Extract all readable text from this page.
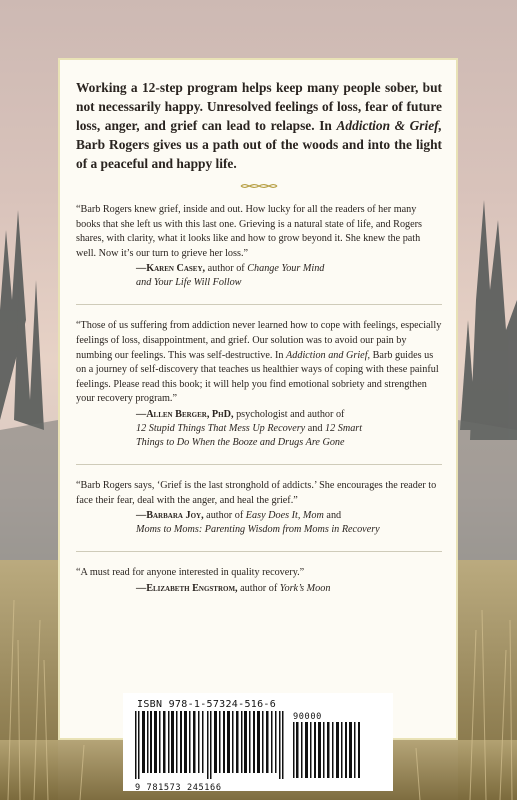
Working a 12-step program helps keep many people sober, but not necessarily happy. Unresolved feelings of loss, fear of future loss, anger, and grief can lead to relapse. In Addiction & Grief, Barb Rogers gives us a path out of the woods and into the light of a peaceful and happy life.

“Barb Rogers knew grief, inside and out. How lucky for all the readers of her many books that she left us with this last one. Grieving is a natural state of life, and Rogers shares, with clarity, what it looks like and how to grow beyond it. She knew the path well. Now it’s our turn to grieve her loss.”

—Karen Casey, author of Change Your Mind
and Your Life Will Follow

“Those of us suffering from addiction never learned how to cope with feelings, especially feelings of loss, disappointment, and grief. Our solution was to avoid our pain by numbing our feelings. This was self-destructive. In Addiction and Grief, Barb guides us on a journey of self-discovery that teaches us healthier ways of coping with these painful feelings. Please read this book; it will help you find emotional sobriety and strengthen your recovery program.”

—Allen Berger, PhD, psychologist and author of
12 Stupid Things That Mess Up Recovery and 12 Smart
Things to Do When the Booze and Drugs Are Gone

“Barb Rogers says, ‘Grief is the last stronghold of addicts.’ She encourages the reader to face their fear, deal with the anger, and heal the grief.”

—Barbara Joy, author of Easy Does It, Mom and
Moms to Moms: Parenting Wisdom from Moms in Recovery

“A must read for anyone interested in quality recovery.”

—Elizabeth Engstrom, author of York’s Moon

ISBN 978-1-57324-516-6
90000
9 781573 245166
